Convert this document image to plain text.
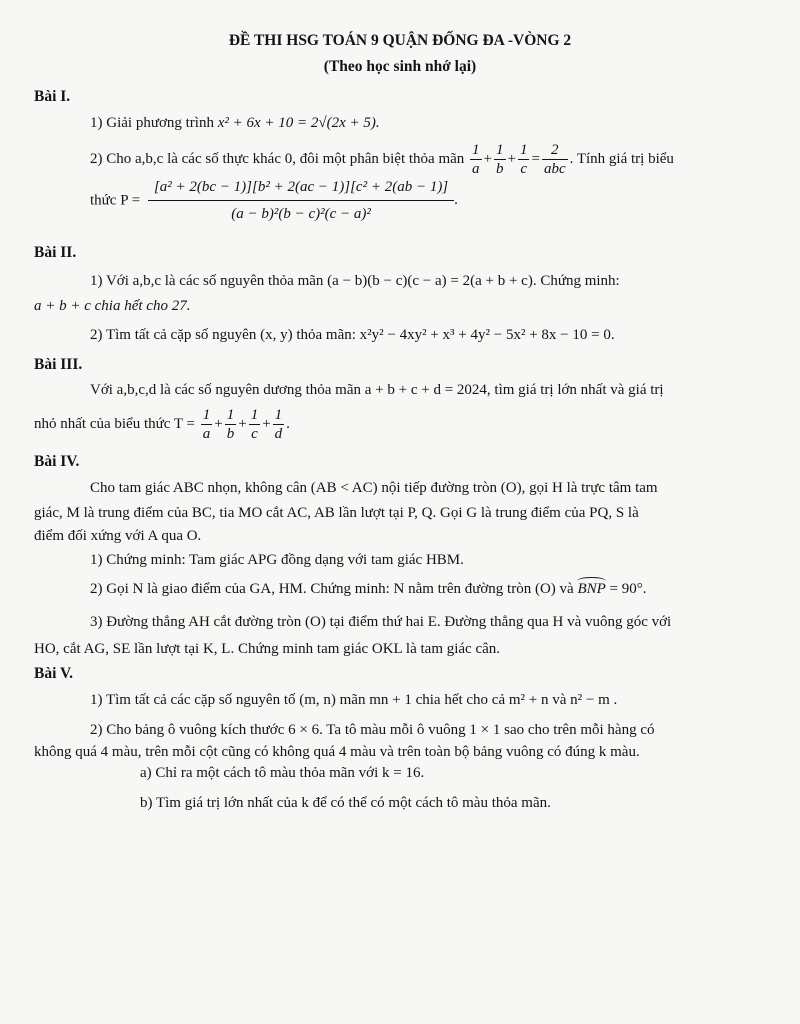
ĐỀ THI HSG TOÁN 9 QUẬN ĐỐNG ĐA -VÒNG 2
(Theo học sinh nhớ lại)
Bài I.
1) Giải phương trình x² + 6x + 10 = 2√(2x + 5).
2) Cho a,b,c là các số thực khác 0, đôi một phân biệt thỏa mãn $\frac{1}{a} + \frac{1}{b} + \frac{1}{c} = \frac{2}{\text{abc}}$ . Tính giá trị biểu
thức $P = \frac{\text{[a² + 2(bc − 1)][b² + 2(ac − 1)][c² + 2(ab − 1)]}}{\text{(a − b)²(b − c)²(c − a)²}}$ .
Bài II.
1) Với a,b,c là các số nguyên thỏa mãn (a − b)(b − c)(c − a) = 2(a + b + c). Chứng minh:
a + b + c chia hết cho 27.
2) Tìm tất cả cặp số nguyên (x, y) thỏa mãn: x²y² − 4xy² + x³ + 4y² − 5x² + 8x − 10 = 0.
Bài III.
Với a,b,c,d là các số nguyên dương thỏa mãn a + b + c + d = 2024, tìm giá trị lớn nhất và giá trị
nhỏ nhất của biểu thức $T = \frac{1}{a} + \frac{1}{b} + \frac{1}{c} + \frac{1}{d}$ .
Bài IV.
Cho tam giác ABC nhọn, không cân (AB < AC) nội tiếp đường tròn (O), gọi H là trực tâm tam
giác, M là trung điểm của BC, tia MO cắt AC, AB lần lượt tại P, Q. Gọi G là trung điểm của PQ, S là
điểm đối xứng với A qua O.
1) Chứng minh: Tam giác APG đồng dạng với tam giác HBM.
2) Gọi N là giao điểm của GA, HM. Chứng minh: N nằm trên đường tròn (O) và BNP = 90°.
3) Đường thẳng AH cắt đường tròn (O) tại điểm thứ hai E. Đường thẳng qua H và vuông góc với
HO, cắt AG, SE lần lượt tại K, L. Chứng minh tam giác OKL là tam giác cân.
Bài V.
1) Tìm tất cả các cặp số nguyên tố (m, n) mãn mn + 1 chia hết cho cả m² + n và n² − m .
2) Cho bảng ô vuông kích thước 6 × 6. Ta tô màu mỗi ô vuông 1 × 1 sao cho trên mỗi hàng có
không quá 4 màu, trên mỗi cột cũng có không quá 4 màu và trên toàn bộ bảng vuông có đúng k màu.
a) Chỉ ra một cách tô màu thỏa mãn với k = 16.
b) Tìm giá trị lớn nhất của k để có thể có một cách tô màu thỏa mãn.
